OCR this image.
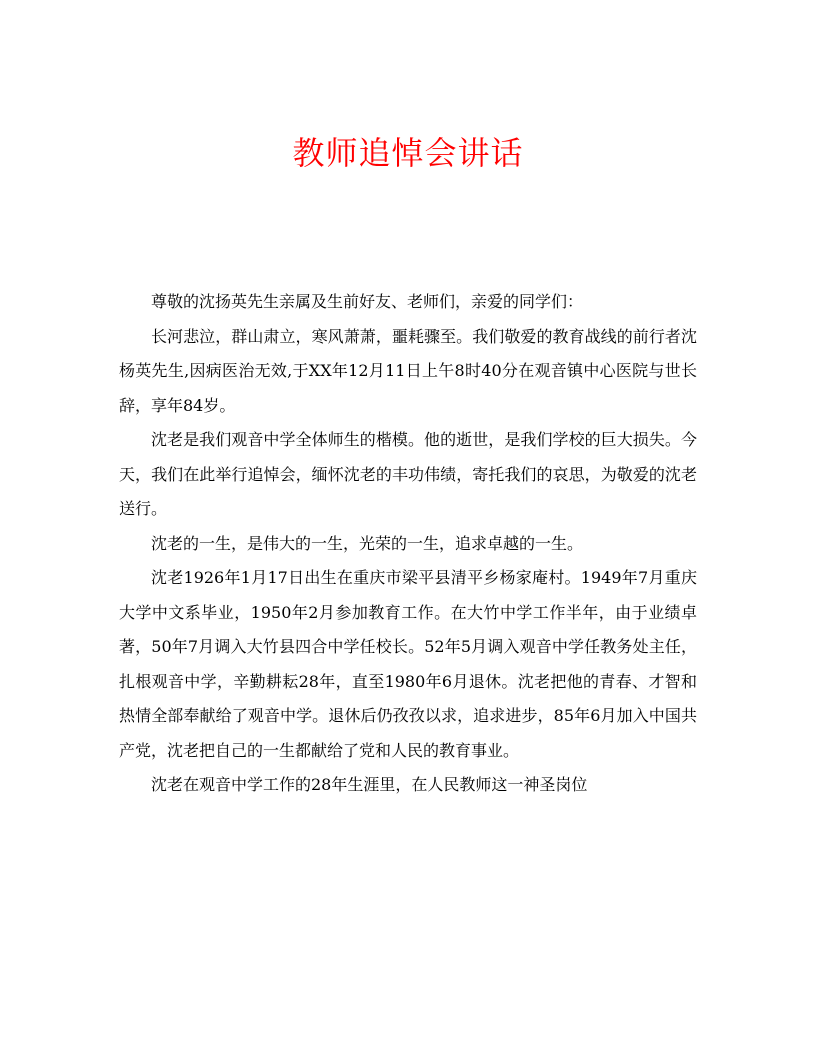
教师追悼会讲话

尊敬的沈扬英先生亲属及生前好友、老师们，亲爱的同学们：

长河悲泣，群山肃立，寒风萧萧，噩耗骤至。我们敬爱的教育战线的前行者沈杨英先生,因病医治无效,于XX年12月11日上午8时40分在观音镇中心医院与世长辞，享年84岁。

沈老是我们观音中学全体师生的楷模。他的逝世，是我们学校的巨大损失。今天，我们在此举行追悼会，缅怀沈老的丰功伟绩，寄托我们的哀思，为敬爱的沈老送行。

沈老的一生，是伟大的一生，光荣的一生，追求卓越的一生。

沈老1926年1月17日出生在重庆市梁平县清平乡杨家庵村。1949年7月重庆大学中文系毕业，1950年2月参加教育工作。在大竹中学工作半年，由于业绩卓著，50年7月调入大竹县四合中学任校长。52年5月调入观音中学任教务处主任，扎根观音中学，辛勤耕耘28年，直至1980年6月退休。沈老把他的青春、才智和热情全部奉献给了观音中学。退休后仍孜孜以求，追求进步，85年6月加入中国共产党，沈老把自己的一生都献给了党和人民的教育事业。

沈老在观音中学工作的28年生涯里，在人民教师这一神圣岗位
